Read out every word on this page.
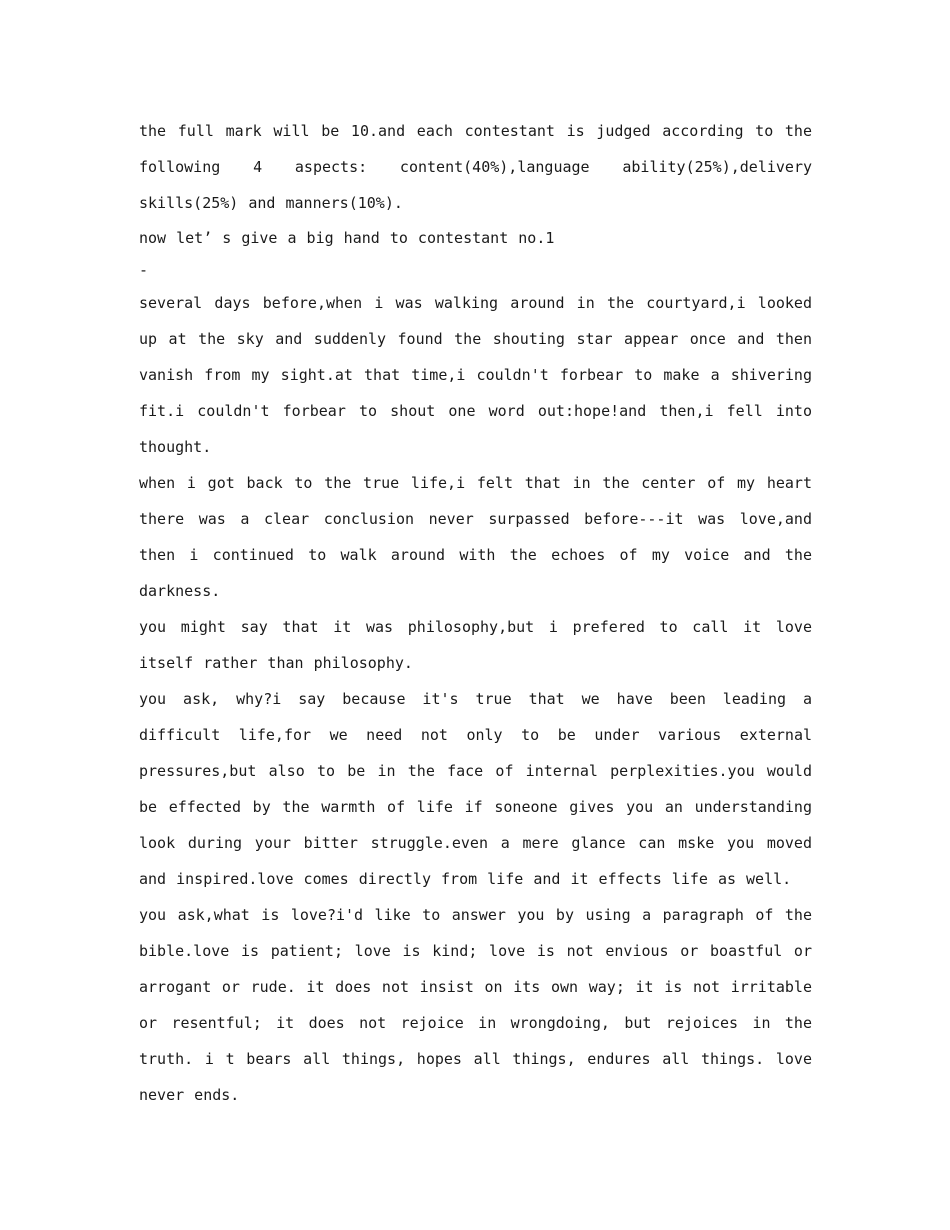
the full mark will be 10.and each contestant is judged according to the following 4 aspects: content(40%),language ability(25%),delivery skills(25%) and manners(10%).

now let’ s give a big hand to contestant no.1

-

several days before,when i was walking around in the courtyard,i looked up at the sky and suddenly found the shouting star appear once and then vanish from my sight.at that time,i couldn't forbear to make a shivering fit.i couldn't forbear to shout one word out:hope!and then,i fell into thought.

when i got back to the true life,i felt that in the center of my heart there was a clear conclusion never surpassed before---it was love,and then i continued to walk around with the echoes of my voice and the darkness.

you might say that it was philosophy,but i prefered to call it love itself rather than philosophy.

you ask, why?i say because it's true that we have been leading a difficult life,for we need not only to be under various external pressures,but also to be in the face of internal perplexities.you would be effected by the warmth of life if soneone gives you an understanding look during your bitter struggle.even a mere glance can mske you moved and inspired.love comes directly from life and it effects life as well.

you ask,what is love?i'd like to answer you by using a paragraph of the bible.love is patient; love is kind; love is not envious or boastful or arrogant or rude. it does not insist on its own way; it is not irritable or resentful; it does not rejoice in wrongdoing, but rejoices in the truth. i t bears all things, hopes all things, endures all things. love never ends.
